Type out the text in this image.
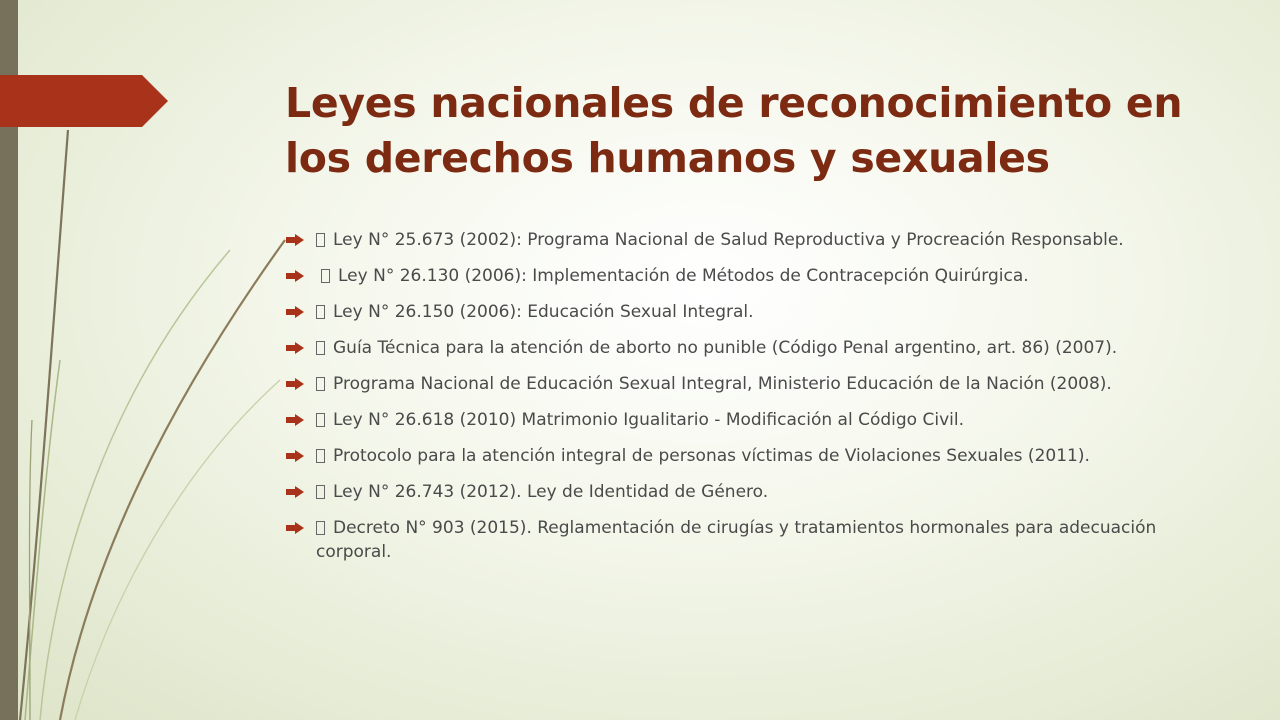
Leyes nacionales de reconocimiento en los derechos humanos y sexuales
Ley N° 25.673 (2002): Programa Nacional de Salud Reproductiva y Procreación Responsable.
Ley N° 26.130 (2006): Implementación de Métodos de Contracepción Quirúrgica.
Ley N° 26.150 (2006): Educación Sexual Integral.
Guía Técnica para la atención de aborto no punible (Código Penal argentino, art. 86) (2007).
Programa Nacional de Educación Sexual Integral, Ministerio Educación de la Nación (2008).
Ley N° 26.618 (2010) Matrimonio Igualitario - Modificación al Código Civil.
Protocolo para la atención integral de personas víctimas de Violaciones Sexuales (2011).
Ley N° 26.743 (2012). Ley de Identidad de Género.
Decreto N° 903 (2015). Reglamentación de cirugías y tratamientos hormonales para adecuación corporal.
